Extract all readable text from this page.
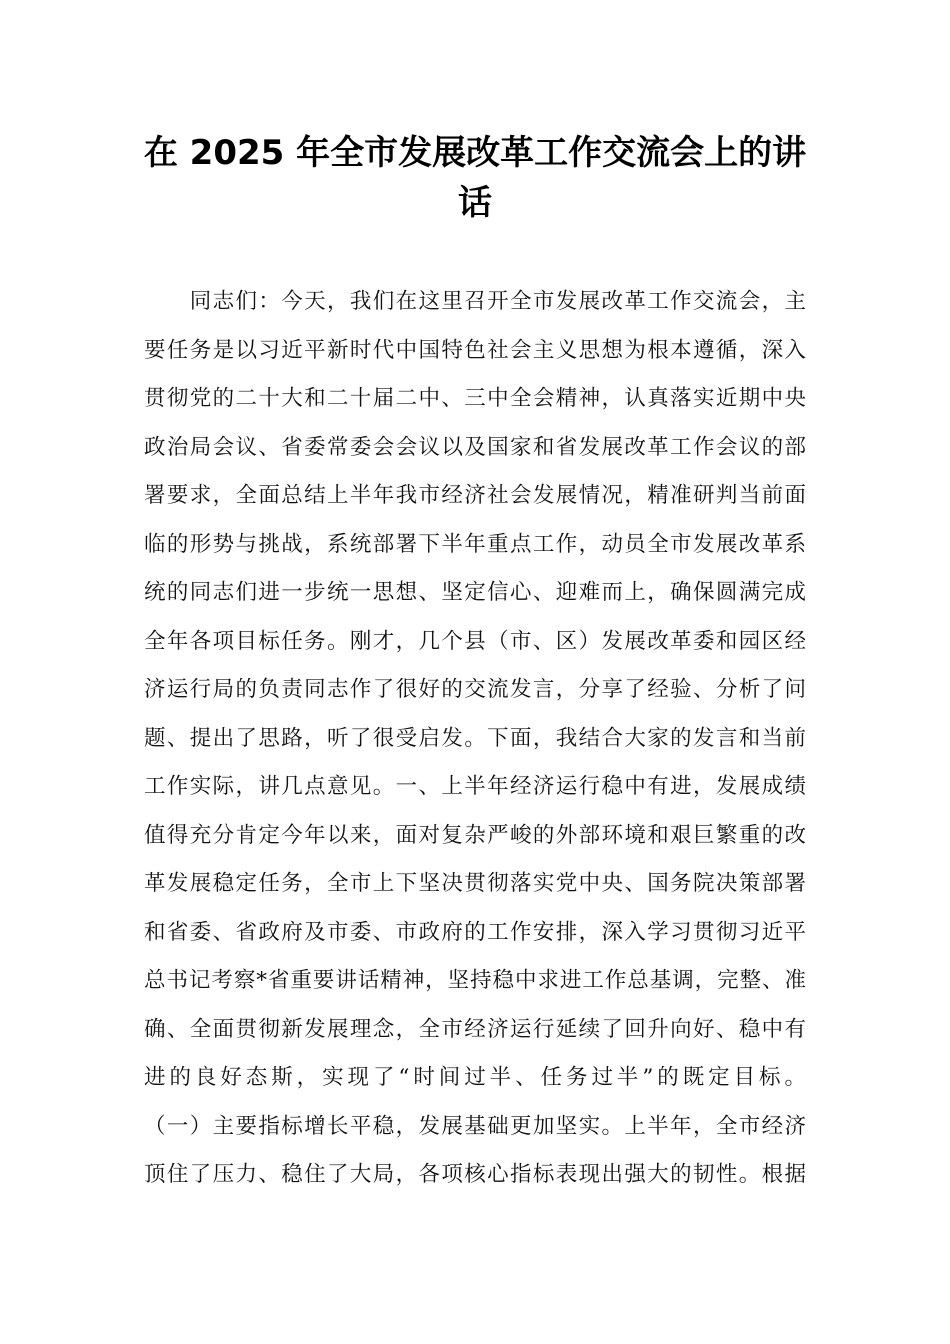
在 2025 年全市发展改革工作交流会上的讲话
　　同志们：今天，我们在这里召开全市发展改革工作交流会，主
要任务是以习近平新时代中国特色社会主义思想为根本遵循，深入
贯彻党的二十大和二十届二中、三中全会精神，认真落实近期中央
政治局会议、省委常委会会议以及国家和省发展改革工作会议的部
署要求，全面总结上半年我市经济社会发展情况，精准研判当前面
临的形势与挑战，系统部署下半年重点工作，动员全市发展改革系
统的同志们进一步统一思想、坚定信心、迎难而上，确保圆满完成
全年各项目标任务。刚才，几个县（市、区）发展改革委和园区经
济运行局的负责同志作了很好的交流发言，分享了经验、分析了问
题、提出了思路，听了很受启发。下面，我结合大家的发言和当前
工作实际，讲几点意见。一、上半年经济运行稳中有进，发展成绩
值得充分肯定今年以来，面对复杂严峻的外部环境和艰巨繁重的改
革发展稳定任务，全市上下坚决贯彻落实党中央、国务院决策部署
和省委、省政府及市委、市政府的工作安排，深入学习贯彻习近平
总书记考察*省重要讲话精神，坚持稳中求进工作总基调，完整、准
确、全面贯彻新发展理念，全市经济运行延续了回升向好、稳中有
进的良好态斯，实现了“时间过半、任务过半”的既定目标。
（一）主要指标增长平稳，发展基础更加坚实。上半年，全市经济
顶住了压力、稳住了大局，各项核心指标表现出强大的韧性。根据
